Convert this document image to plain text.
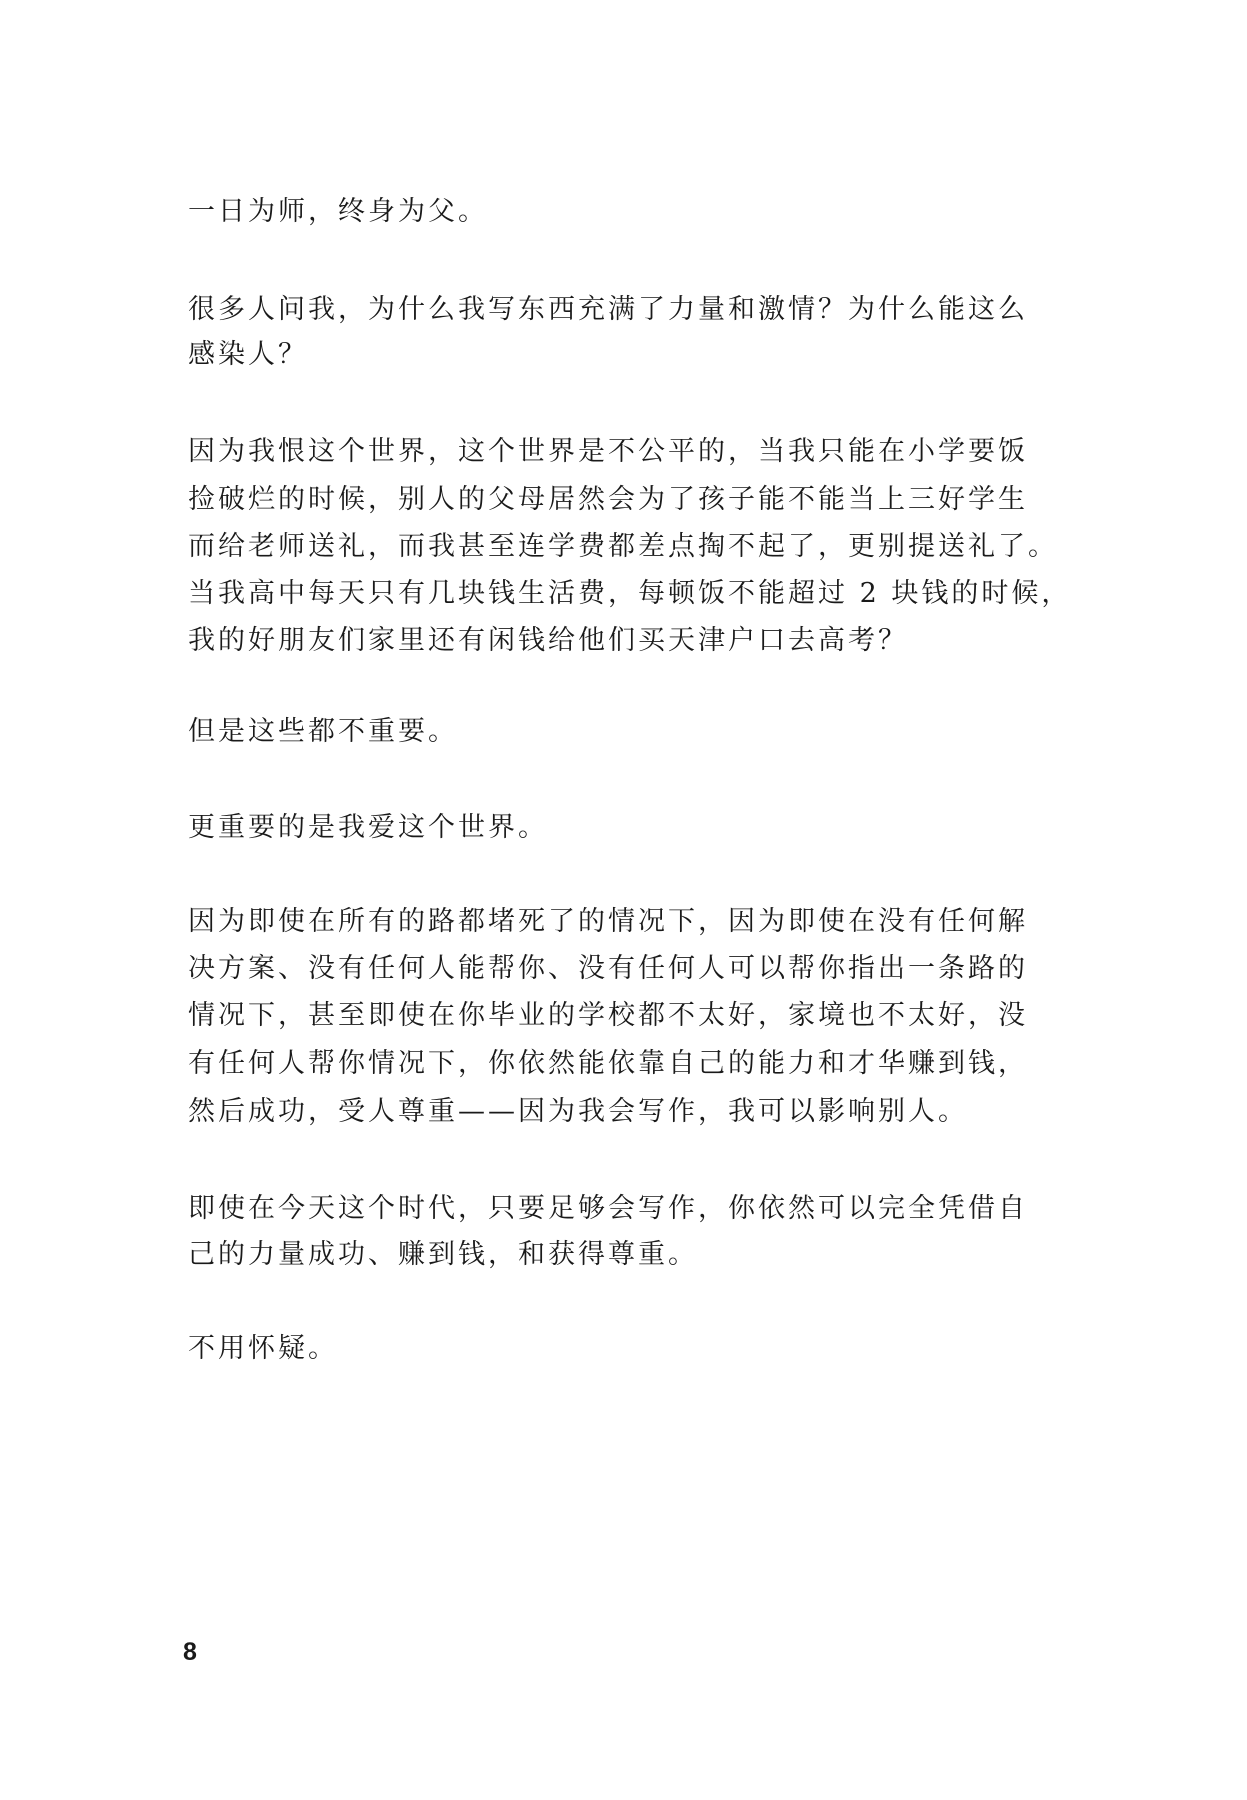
一日为师，终身为父。
很多人问我，为什么我写东西充满了力量和激情？为什么能这么
感染人？
因为我恨这个世界，这个世界是不公平的，当我只能在小学要饭
捡破烂的时候，别人的父母居然会为了孩子能不能当上三好学生
而给老师送礼，而我甚至连学费都差点掏不起了，更别提送礼了。
当我高中每天只有几块钱生活费，每顿饭不能超过 2 块钱的时候，
我的好朋友们家里还有闲钱给他们买天津户口去高考？
但是这些都不重要。
更重要的是我爱这个世界。
因为即使在所有的路都堵死了的情况下，因为即使在没有任何解
决方案、没有任何人能帮你、没有任何人可以帮你指出一条路的
情况下，甚至即使在你毕业的学校都不太好，家境也不太好，没
有任何人帮你情况下，你依然能依靠自己的能力和才华赚到钱，
然后成功，受人尊重——因为我会写作，我可以影响别人。
即使在今天这个时代，只要足够会写作，你依然可以完全凭借自
己的力量成功、赚到钱，和获得尊重。
不用怀疑。
8
